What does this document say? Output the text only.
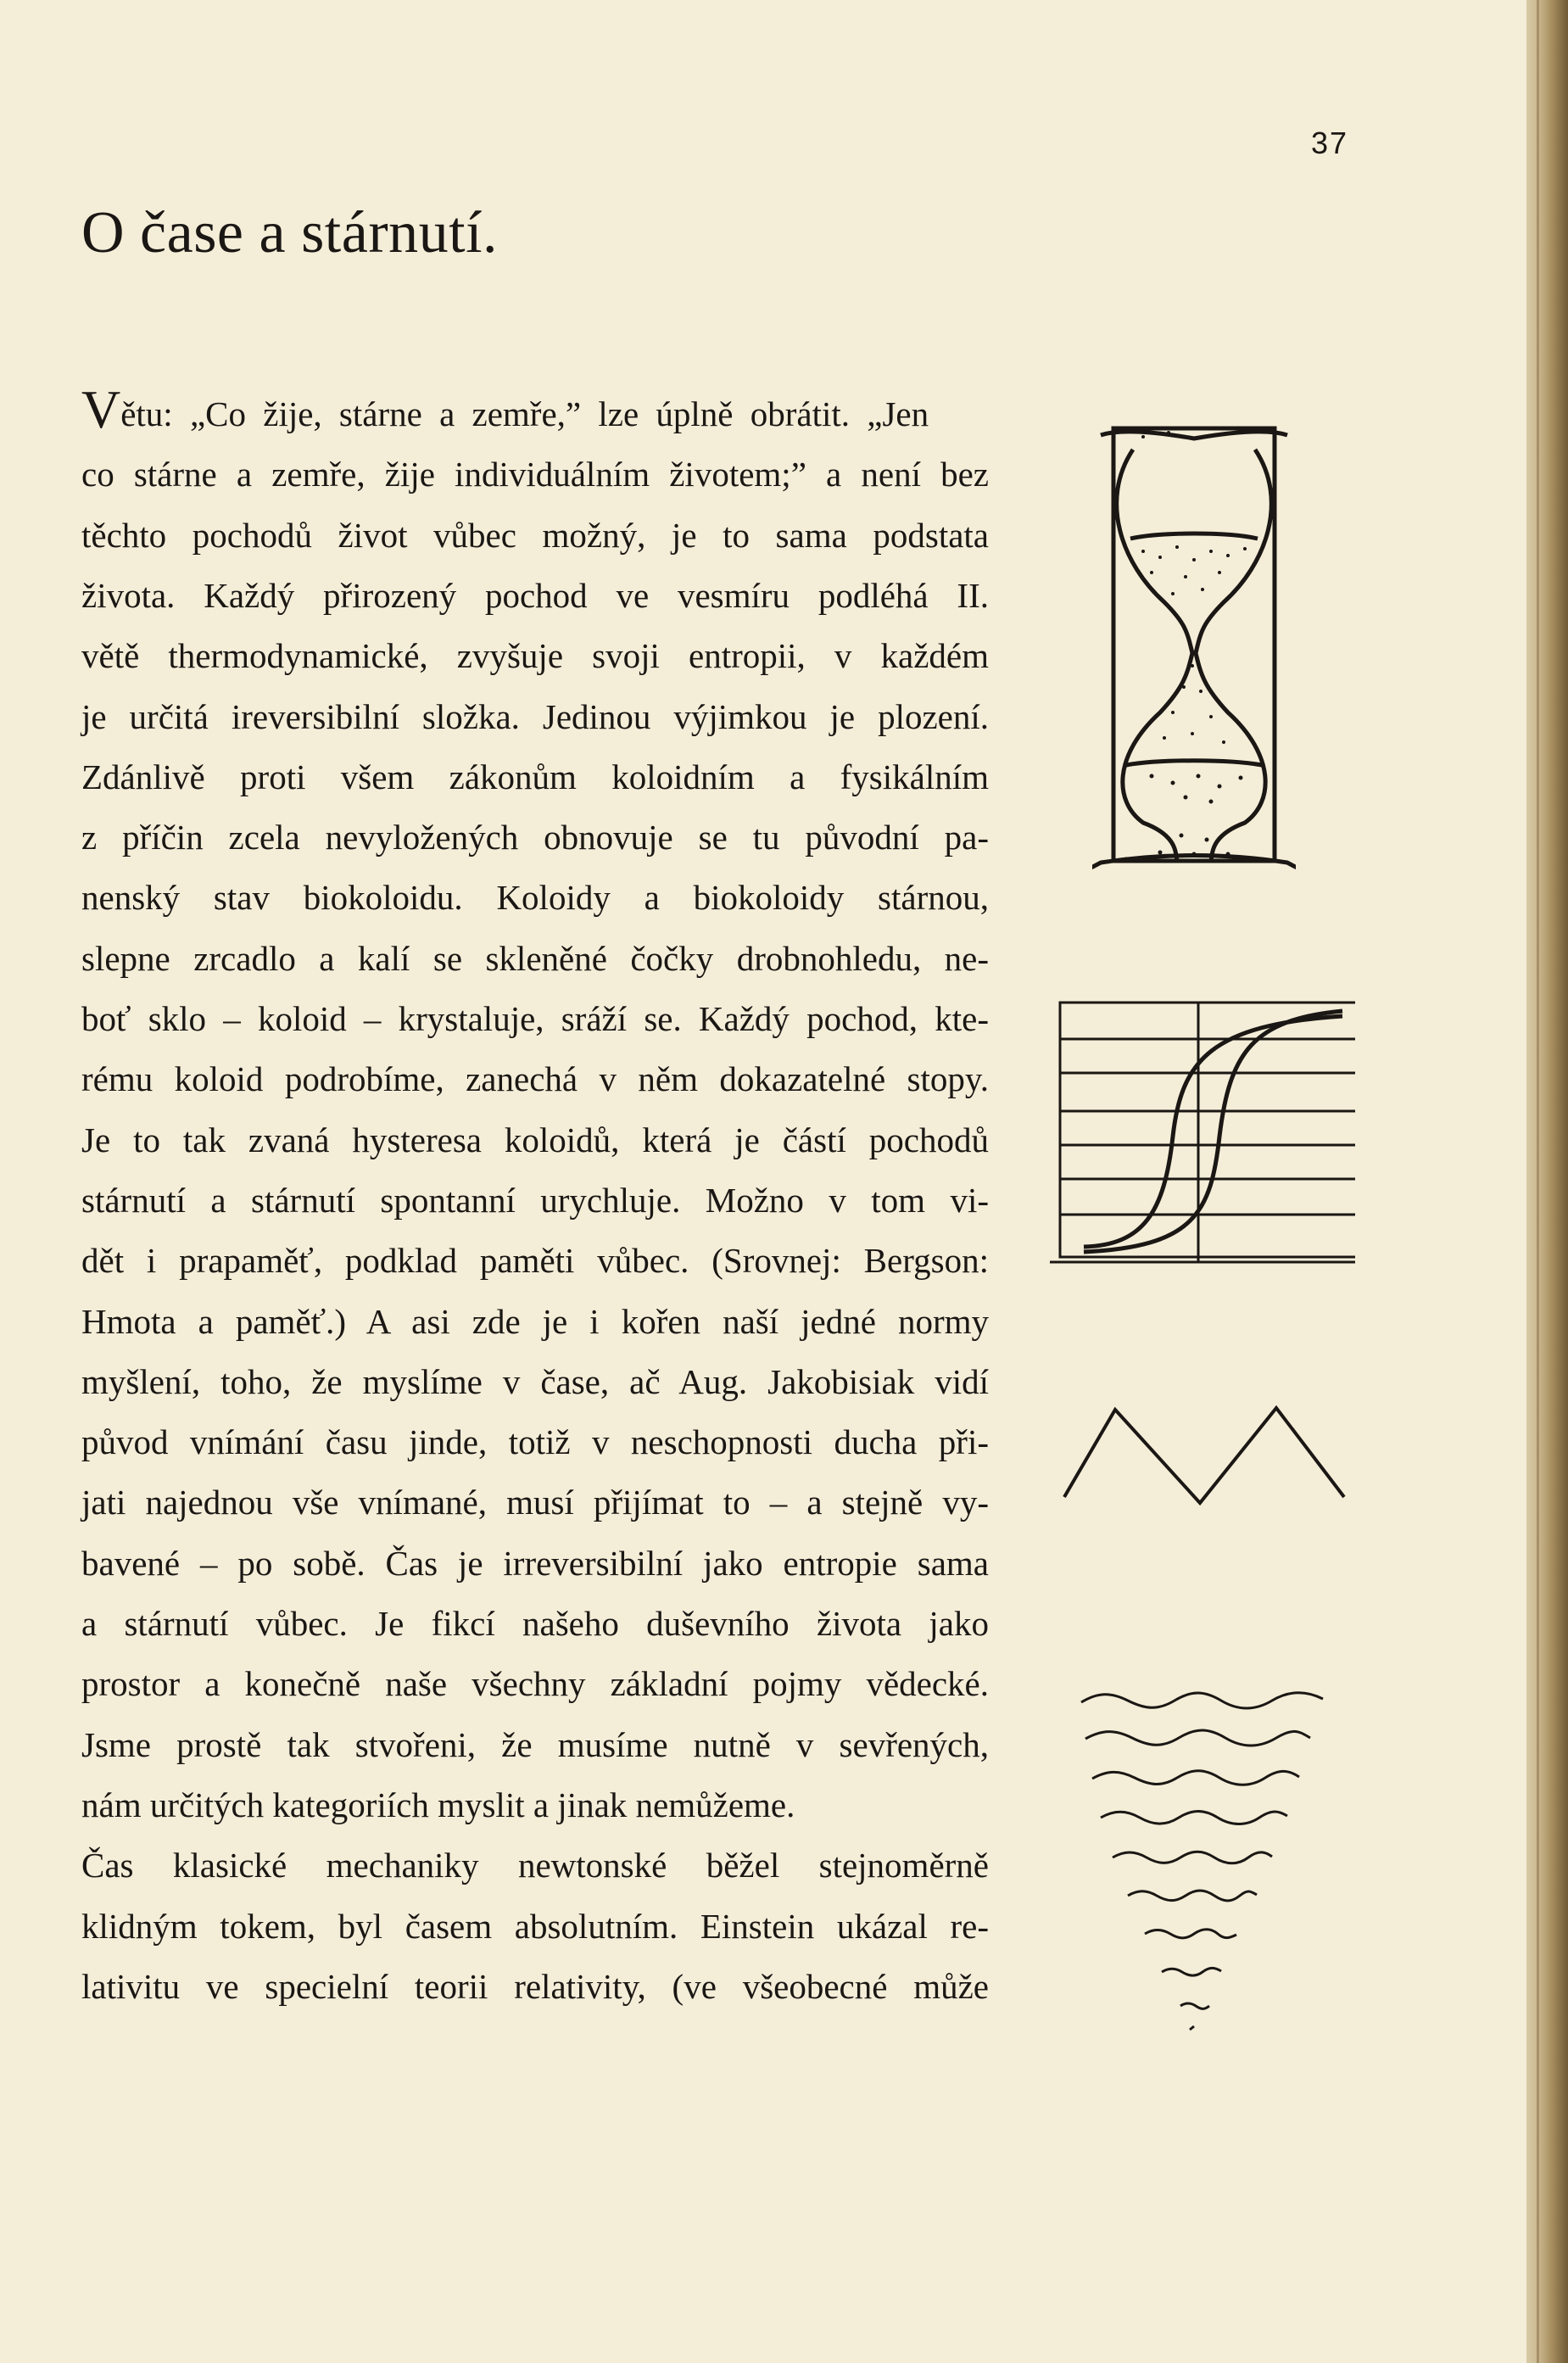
37
O čase a stárnutí.
Větu: „Co žije, stárne a zemře,” lze úplně obrátit. „Jen
co stárne a zemře, žije individuálním životem;” a není bez
těchto pochodů život vůbec možný, je to sama podstata
života. Každý přirozený pochod ve vesmíru podléhá II.
větě thermodynamické, zvyšuje svoji entropii, v každém
je určitá ireversibilní složka. Jedinou výjimkou je plození.
Zdánlivě proti všem zákonům koloidním a fysikálním
z příčin zcela nevyložených obnovuje se tu původní pa-
nenský stav biokoloidu. Koloidy a biokoloidy stárnou,
slepne zrcadlo a kalí se skleněné čočky drobnohledu, ne-
boť sklo – koloid – krystaluje, sráží se. Každý pochod, kte-
rému koloid podrobíme, zanechá v něm dokazatelné stopy.
Je to tak zvaná hysteresa koloidů, která je částí pochodů
stárnutí a stárnutí spontanní urychluje. Možno v tom vi-
dět i prapaměť, podklad paměti vůbec. (Srovnej: Bergson:
Hmota a paměť.) A asi zde je i kořen naší jedné normy
myšlení, toho, že myslíme v čase, ač Aug. Jakobisiak vidí
původ vnímání času jinde, totiž v neschopnosti ducha při-
jati najednou vše vnímané, musí přijímat to – a stejně vy-
bavené – po sobě. Čas je irreversibilní jako entropie sama
a stárnutí vůbec. Je fikcí našeho duševního života jako
prostor a konečně naše všechny základní pojmy vědecké.
Jsme prostě tak stvořeni, že musíme nutně v sevřených,
nám určitých kategoriích myslit a jinak nemůžeme.
Čas klasické mechaniky newtonské běžel stejnoměrně
klidným tokem, byl časem absolutním. Einstein ukázal re-
lativitu ve specielní teorii relativity, (ve všeobecné může
